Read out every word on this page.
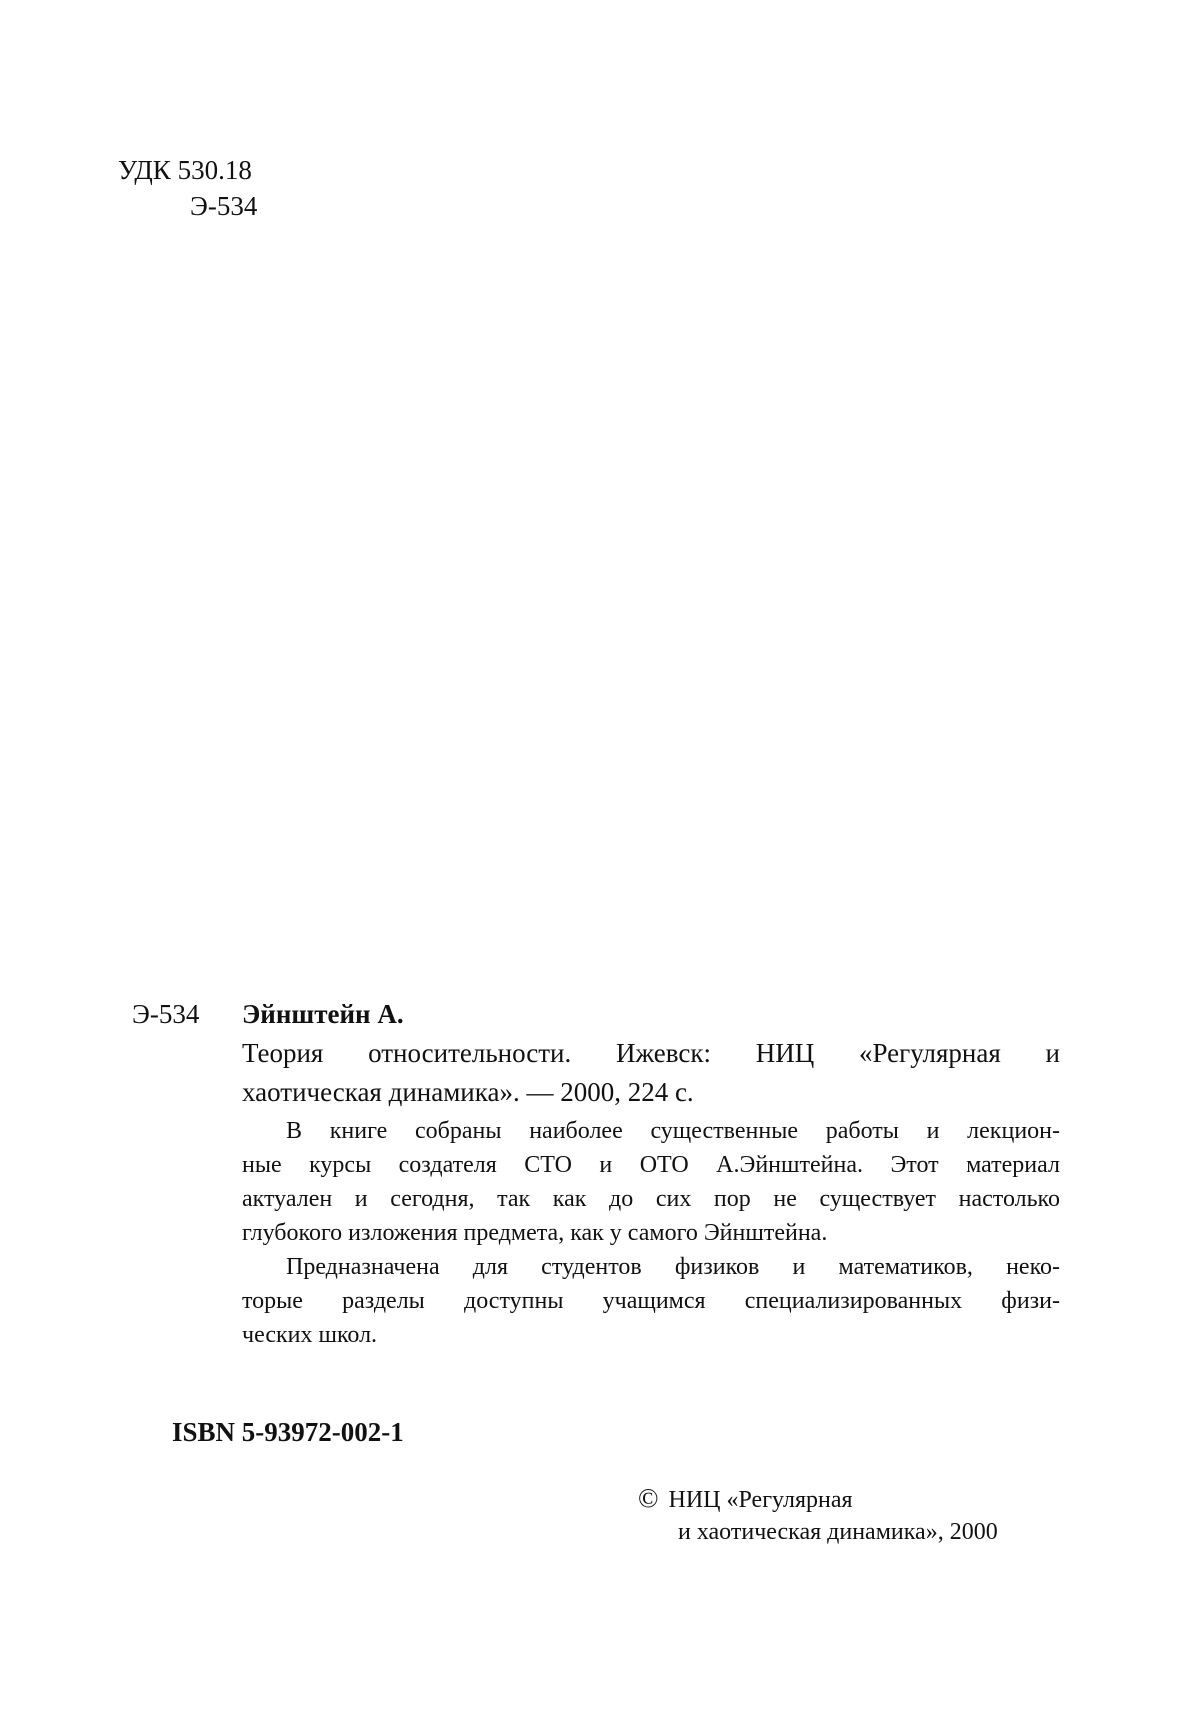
УДК 530.18
Э-534
Э-534 Эйнштейн А.
Теория относительности. Ижевск: НИЦ «Регулярная и
хаотическая динамика». — 2000, 224 с.
В книге собраны наиболее существенные работы и лекцион-
ные курсы создателя СТО и ОТО А.Эйнштейна. Этот материал
актуален и сегодня, так как до сих пор не существует настолько
глубокого изложения предмета, как у самого Эйнштейна.
Предназначена для студентов физиков и математиков, неко-
торые разделы доступны учащимся специализированных физи-
ческих школ.
ISBN 5-93972-002-1
© НИЦ «Регулярная
и хаотическая динамика», 2000
